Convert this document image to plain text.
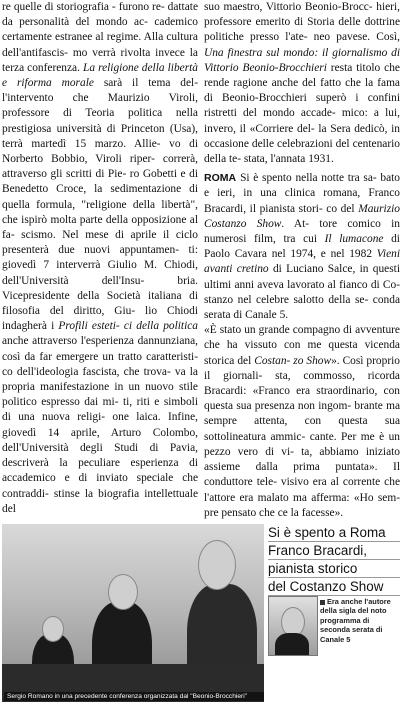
re quelle di storiografia - furono re- dattate da personalità del mondo ac- cademico certamente estranee al regime. Alla cultura dell'antifascis- mo verrà rivolta invece la terza conferenza. La religione della libertà e riforma morale sarà il tema del- l'intervento che Maurizio Viroli, professore di Teoria politica nella prestigiosa università di Princeton (Usa), terrà martedì 15 marzo. Allie- vo di Norberto Bobbio, Viroli riper- correrà, attraverso gli scritti di Pie- ro Gobetti e di Benedetto Croce, la sedimentazione di quella formula, "religione della libertà", che ispirò molta parte della opposizione al fa- scismo. Nel mese di aprile il ciclo presenterà due nuovi appuntamen- ti: giovedì 7 interverrà Giulio M. Chiodi, dell'Università dell'Insu- bria. Vicepresidente della Società italiana di filosofia del diritto, Giu- lio Chiodi indagherà i Profili esteti- ci della politica anche attraverso l'esperienza dannunziana, così da far emergere un tratto caratteristi- co dell'ideologia fascista, che trova- va la propria manifestazione in un nuovo stile politico espresso dai mi- ti, riti e simboli di una nuova religi- one laica. Infine, giovedì 14 aprile, Arturo Colombo, dell'Università degli Studi di Pavia, descriverà la peculiare esperienza di accademico e di inviato speciale che contraddi- stinse la biografia intellettuale del

suo maestro, Vittorio Beonio-Brocc- hieri, professore emerito di Storia delle dottrine politiche presso l'ate- neo pavese. Così, Una finestra sul mondo: il giornalismo di Vittorio Beonio-Brocchieri resta titolo che rende ragione anche del fatto che la fama di Beonio-Brocchieri superò i confini ristretti del mondo accade- mico: a lui, invero, il «Corriere del- la Sera dedicò, in occasione delle celebrazioni del centenario della te- stata, l'annata 1931.

ROMA Si è spento nella notte tra sa- bato e ieri, in una clinica romana, Franco Bracardi, il pianista stori- co del Maurizio Costanzo Show. At- tore comico in numerosi film, tra cui Il lumacone di Paolo Cavara nel 1974, e nel 1982 Vieni avanti cretino di Luciano Salce, in questi ultimi anni aveva lavorato al fianco di Co- stanzo nel celebre salotto della se- conda serata di Canale 5.

«È stato un grande compagno di avventure che ha vissuto con me questa vicenda storica del Costan- zo Show». Così proprio il giornali- sta, commosso, ricorda Bracardi: «Franco era straordinario, con questa sua presenza non ingom- brante ma sempre attenta, con questa sua sottolineatura ammic- cante. Per me è un pezzo vero di vi- ta, abbiamo iniziato assieme dalla prima puntata». Il conduttore tele- visivo era al corrente che l'attore era malato ma afferma: «Ho sem- pre pensato che ce la facesse».

Sergio Romano in una precedente conferenza organizzata dal "Beonio-Brocchieri"
Si è spento a Roma
Franco Bracardi,
pianista storico
del Costanzo Show
Era anche l'autore della sigla del noto programma di seconda serata di Canale 5
